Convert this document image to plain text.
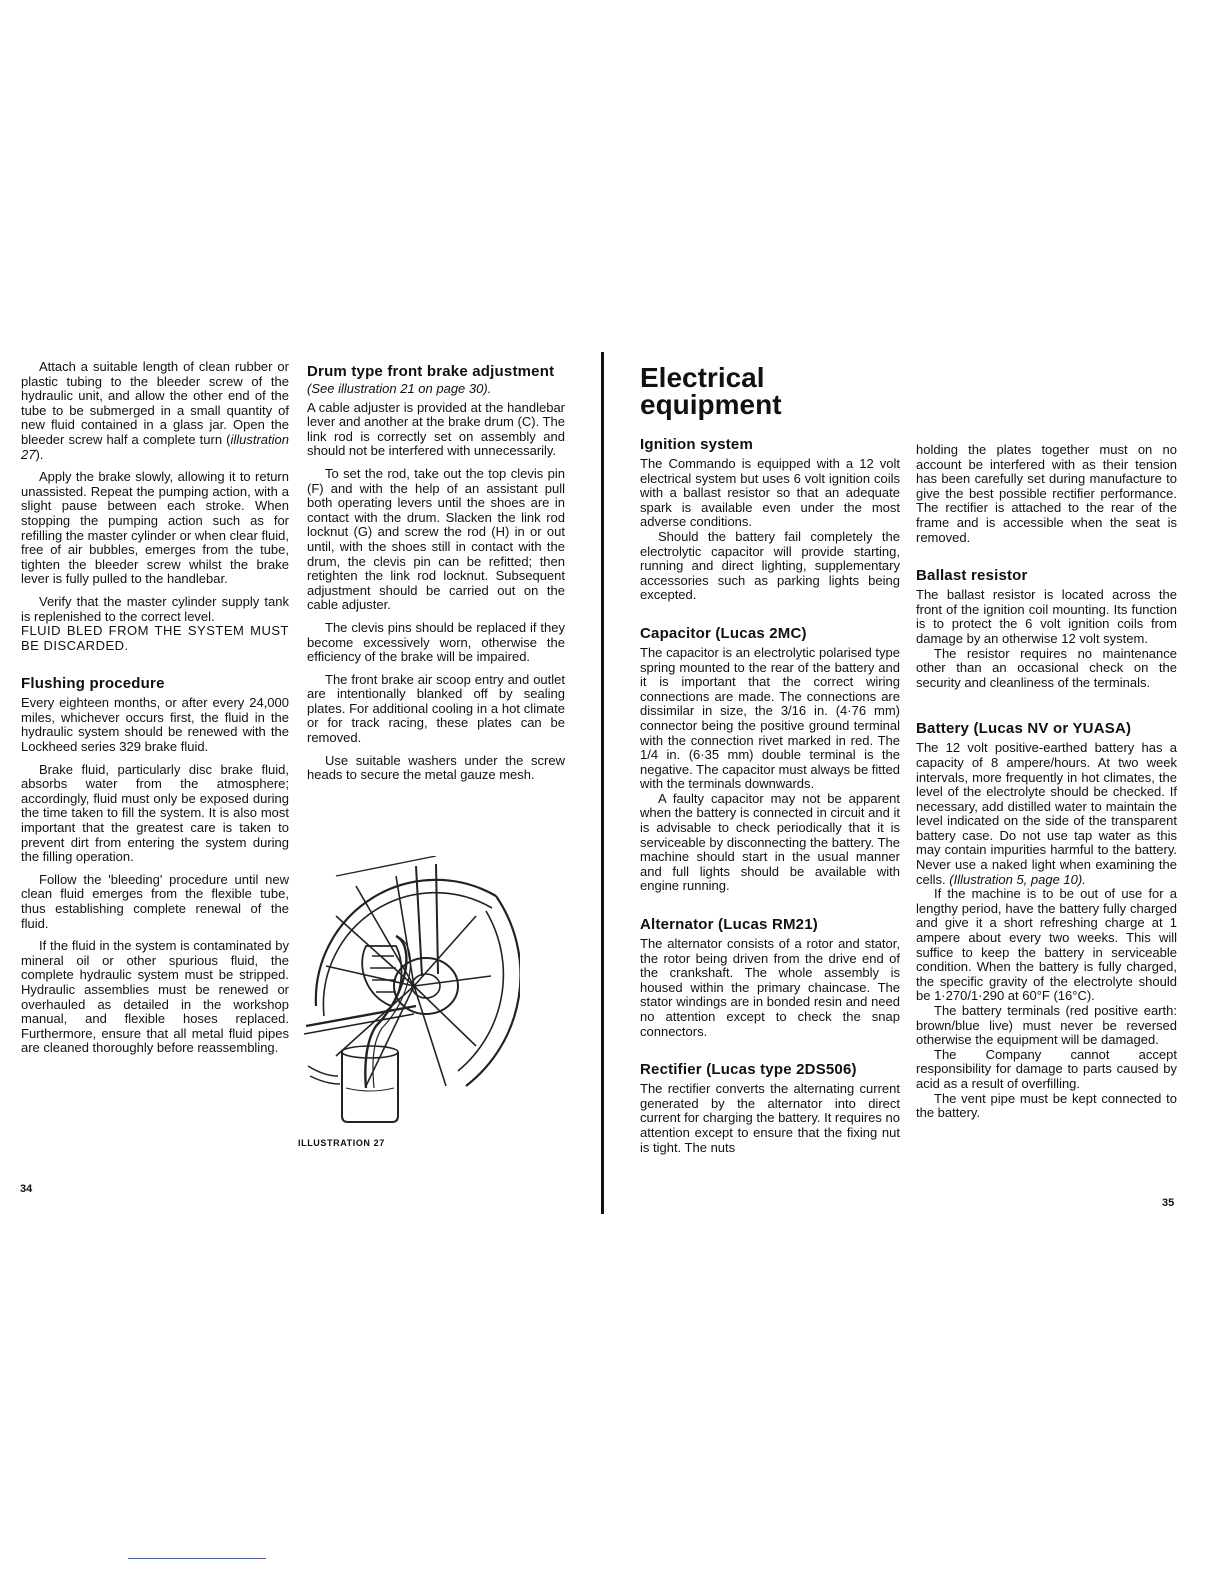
Attach a suitable length of clean rubber or plastic tubing to the bleeder screw of the hydraulic unit, and allow the other end of the tube to be submerged in a small quantity of new fluid contained in a glass jar. Open the bleeder screw half a complete turn (illustration 27).

Apply the brake slowly, allowing it to return unassisted. Repeat the pumping action, with a slight pause between each stroke. When stopping the pumping action such as for refilling the master cylinder or when clear fluid, free of air bubbles, emerges from the tube, tighten the bleeder screw whilst the brake lever is fully pulled to the handlebar.

Verify that the master cylinder supply tank is replenished to the correct level.

FLUID BLED FROM THE SYSTEM MUST BE DISCARDED.

Flushing procedure

Every eighteen months, or after every 24,000 miles, whichever occurs first, the fluid in the hydraulic system should be renewed with the Lockheed series 329 brake fluid.

Brake fluid, particularly disc brake fluid, absorbs water from the atmosphere; accordingly, fluid must only be exposed during the time taken to fill the system. It is also most important that the greatest care is taken to prevent dirt from entering the system during the filling operation.

Follow the 'bleeding' procedure until new clean fluid emerges from the flexible tube, thus establishing complete renewal of the fluid.

If the fluid in the system is contaminated by mineral oil or other spurious fluid, the complete hydraulic system must be stripped. Hydraulic assemblies must be renewed or overhauled as detailed in the workshop manual, and flexible hoses replaced. Furthermore, ensure that all metal fluid pipes are cleaned thoroughly before reassembling.

Drum type front brake adjustment

(See illustration 21 on page 30).

A cable adjuster is provided at the handlebar lever and another at the brake drum (C). The link rod is correctly set on assembly and should not be interfered with unnecessarily.

To set the rod, take out the top clevis pin (F) and with the help of an assistant pull both operating levers until the shoes are in contact with the drum. Slacken the link rod locknut (G) and screw the rod (H) in or out until, with the shoes still in contact with the drum, the clevis pin can be refitted; then retighten the link rod locknut. Subsequent adjustment should be carried out on the cable adjuster.

The clevis pins should be replaced if they become excessively worn, otherwise the efficiency of the brake will be impaired.

The front brake air scoop entry and outlet are intentionally blanked off by sealing plates. For additional cooling in a hot climate or for track racing, these plates can be removed.

Use suitable washers under the screw heads to secure the metal gauze mesh.

ILLUSTRATION 27
34
Electrical equipment
Ignition system

The Commando is equipped with a 12 volt electrical system but uses 6 volt ignition coils with a ballast resistor so that an adequate spark is available even under the most adverse conditions.

Should the battery fail completely the electrolytic capacitor will provide starting, running and direct lighting, supplementary accessories such as parking lights being excepted.

Capacitor (Lucas 2MC)

The capacitor is an electrolytic polarised type spring mounted to the rear of the battery and it is important that the correct wiring connections are made. The connections are dissimilar in size, the 3/16 in. (4·76 mm) connector being the positive ground terminal with the connection rivet marked in red. The 1/4 in. (6·35 mm) double terminal is the negative. The capacitor must always be fitted with the terminals downwards.

A faulty capacitor may not be apparent when the battery is connected in circuit and it is advisable to check periodically that it is serviceable by disconnecting the battery. The machine should start in the usual manner and full lights should be available with engine running.

Alternator (Lucas RM21)

The alternator consists of a rotor and stator, the rotor being driven from the drive end of the crankshaft. The whole assembly is housed within the primary chaincase. The stator windings are in bonded resin and need no attention except to check the snap connectors.

Rectifier (Lucas type 2DS506)

The rectifier converts the alternating current generated by the alternator into direct current for charging the battery. It requires no attention except to ensure that the fixing nut is tight. The nuts

holding the plates together must on no account be interfered with as their tension has been carefully set during manufacture to give the best possible rectifier performance. The rectifier is attached to the rear of the frame and is accessible when the seat is removed.

Ballast resistor

The ballast resistor is located across the front of the ignition coil mounting. Its function is to protect the 6 volt ignition coils from damage by an otherwise 12 volt system.

The resistor requires no maintenance other than an occasional check on the security and cleanliness of the terminals.

Battery (Lucas NV or YUASA)

The 12 volt positive-earthed battery has a capacity of 8 ampere/hours. At two week intervals, more frequently in hot climates, the level of the electrolyte should be checked. If necessary, add distilled water to maintain the level indicated on the side of the transparent battery case. Do not use tap water as this may contain impurities harmful to the battery. Never use a naked light when examining the cells. (Illustration 5, page 10).

If the machine is to be out of use for a lengthy period, have the battery fully charged and give it a short refreshing charge at 1 ampere about every two weeks. This will suffice to keep the battery in serviceable condition. When the battery is fully charged, the specific gravity of the electrolyte should be 1·270/1·290 at 60°F (16°C).

The battery terminals (red positive earth: brown/blue live) must never be reversed otherwise the equipment will be damaged.

The Company cannot accept responsibility for damage to parts caused by acid as a result of overfilling.

The vent pipe must be kept connected to the battery.

35
